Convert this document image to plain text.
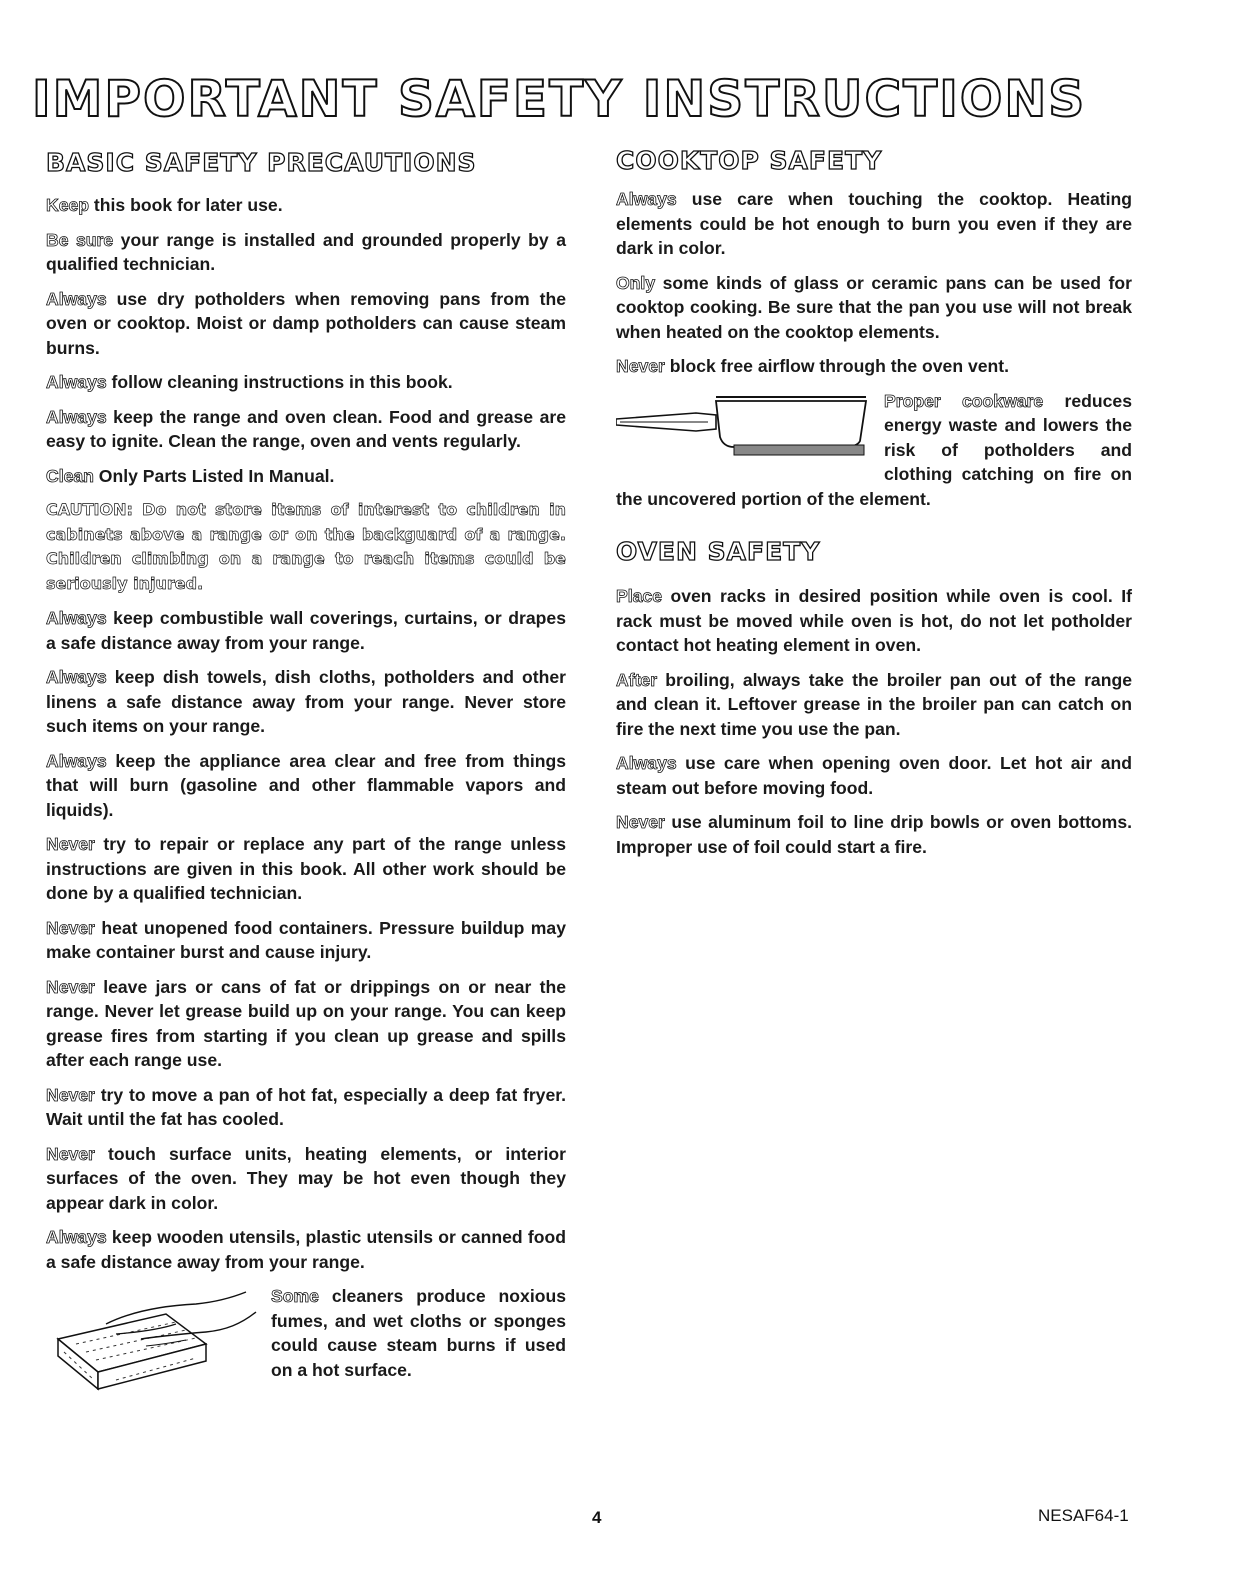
IMPORTANT SAFETY INSTRUCTIONS
BASIC SAFETY PRECAUTIONS

Keep this book for later use.

Be sure your range is installed and grounded properly by a qualified technician.

Always use dry potholders when removing pans from the oven or cooktop. Moist or damp potholders can cause steam burns.

Always follow cleaning instructions in this book.

Always keep the range and oven clean. Food and grease are easy to ignite. Clean the range, oven and vents regularly.

Clean Only Parts Listed In Manual.

CAUTION: Do not store items of interest to children in cabinets above a range or on the backguard of a range. Children climbing on a range to reach items could be seriously injured.

Always keep combustible wall coverings, curtains, or drapes a safe distance away from your range.

Always keep dish towels, dish cloths, potholders and other linens a safe distance away from your range. Never store such items on your range.

Always keep the appliance area clear and free from things that will burn (gasoline and other flammable vapors and liquids).

Never try to repair or replace any part of the range unless instructions are given in this book. All other work should be done by a qualified technician.

Never heat unopened food containers. Pressure buildup may make container burst and cause injury.

Never leave jars or cans of fat or drippings on or near the range. Never let grease build up on your range. You can keep grease fires from starting if you clean up grease and spills after each range use.

Never try to move a pan of hot fat, especially a deep fat fryer. Wait until the fat has cooled.

Never touch surface units, heating elements, or interior surfaces of the oven. They may be hot even though they appear dark in color.

Always keep wooden utensils, plastic utensils or canned food a safe distance away from your range.

Some cleaners produce noxious fumes, and wet cloths or sponges could cause steam burns if used on a hot surface.

COOKTOP SAFETY

Always use care when touching the cooktop. Heating elements could be hot enough to burn you even if they are dark in color.

Only some kinds of glass or ceramic pans can be used for cooktop cooking. Be sure that the pan you use will not break when heated on the cooktop elements.

Never block free airflow through the oven vent.

Proper cookware reduces energy waste and lowers the risk of potholders and clothing catching on fire on the uncovered portion of the element.

OVEN SAFETY

Place oven racks in desired position while oven is cool. If rack must be moved while oven is hot, do not let potholder contact hot heating element in oven.

After broiling, always take the broiler pan out of the range and clean it. Leftover grease in the broiler pan can catch on fire the next time you use the pan.

Always use care when opening oven door. Let hot air and steam out before moving food.

Never use aluminum foil to line drip bowls or oven bottoms. Improper use of foil could start a fire.

4	NESAF64-1
